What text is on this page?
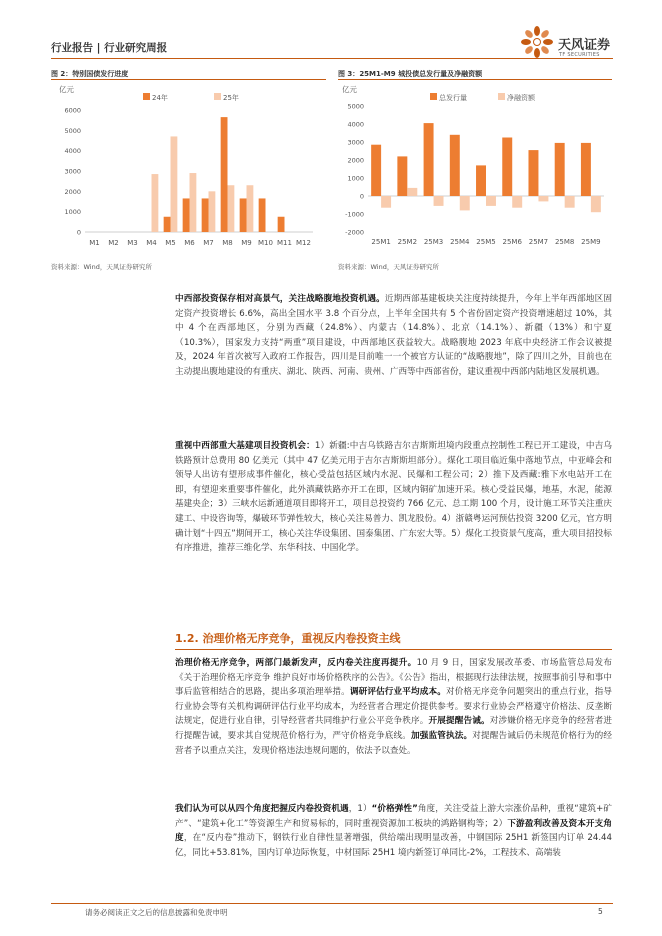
行业报告 | 行业研究周报	天风证券
TF SECURITIES
图 2：特别国债发行进度
亿元
24年	25年
0
1000
2000
3000
4000
5000
6000
M1 M2 M3 M4 M5 M6 M7 M8 M9 M10 M11 M12
资料来源：Wind，天风证券研究所
图 3：25M1-M9 城投债总发行量及净融资额
亿元
总发行量	净融资额
-2000
-1000
0
1000
2000
3000
4000
5000
25M1 25M2 25M3 25M4 25M5 25M6 25M7 25M8 25M9
资料来源：Wind，天风证券研究所
中西部投资保存相对高景气，关注战略腹地投资机遇。近期西部基建板块关注度持续提升，今年上半年西部地区固定资产投资增长 6.6%，高出全国水平 3.8 个百分点，上半年全国共有 5 个省份固定资产投资增速超过 10%，其中 4 个在西部地区，分别为西藏（24.8%）、内蒙古（14.8%）、北京（14.1%）、新疆（13%）和宁夏（10.3%），国家发力支持“两重”项目建设，中西部地区获益较大。战略腹地 2023 年底中央经济工作会议被提及，2024 年首次被写入政府工作报告，四川是目前唯一一个被官方认证的“战略腹地”，除了四川之外，目前也在主动提出腹地建设的有重庆、湖北、陕西、河南、贵州、广西等中西部省份，建议重视中西部内陆地区发展机遇。
重视中西部重大基建项目投资机会：1）新疆:中吉乌铁路吉尔吉斯斯坦境内段重点控制性工程已开工建设，中吉乌铁路预计总费用 80 亿美元（其中 47 亿美元用于吉尔吉斯斯坦部分）。煤化工项目临近集中落地节点，中亚峰会和领导人出访有望形成事件催化，核心受益包括区域内水泥、民爆和工程公司；2）推下及西藏:雅下水电站开工在即，有望迎来重要事件催化，此外滇藏铁路亦开工在即，区域内铜矿加速开采。核心受益民爆，地基，水泥，能源基建央企；3）三峡水运新通道项目即将开工，项目总投资约 766 亿元、总工期 100 个月，设计施工环节关注重庆建工、中设咨询等，爆破环节弹性较大，核心关注易普力、凯龙股份。4）浙赣粤运河预估投资 3200 亿元，官方明确计划“十四五”期间开工，核心关注华设集团、国泰集团、广东宏大等。5）煤化工投资景气度高，重大项目招投标有序推进，推荐三维化学、东华科技、中国化学。
1.2. 治理价格无序竞争，重视反内卷投资主线
治理价格无序竞争，两部门最新发声，反内卷关注度再提升。10 月 9 日，国家发展改革委、市场监管总局发布《关于治理价格无序竞争 维护良好市场价格秩序的公告》。《公告》指出，根据现行法律法规，按照事前引导和事中事后监管相结合的思路，提出多项治理举措。调研评估行业平均成本。对价格无序竞争问题突出的重点行业，指导行业协会等有关机构调研评估行业平均成本，为经营者合理定价提供参考。要求行业协会严格遵守价格法、反垄断法规定，促进行业自律，引导经营者共同维护行业公平竞争秩序。开展提醒告诫。对涉嫌价格无序竞争的经营者进行提醒告诫，要求其自觉规范价格行为，严守价格竞争底线。加强监管执法。对提醒告诫后仍未规范价格行为的经营者予以重点关注，发现价格违法违规问题的，依法予以查处。
我们认为可以从四个角度把握反内卷投资机遇，1）“价格弹性”角度，关注受益上游大宗涨价品种，重视“建筑+矿产”、“建筑+化工”等资源生产和贸易标的，同时重视资源加工板块的鸿路钢构等；2）下游盈利改善及资本开支角度，在“反内卷”推动下，钢铁行业自律性显著增强，供给端出现明显改善，中钢国际 25H1 新签国内订单 24.44 亿，同比+53.81%，国内订单边际恢复，中材国际 25H1 境内新签订单同比-2%，工程技术、高端装
请务必阅读正文之后的信息披露和免责申明	5
